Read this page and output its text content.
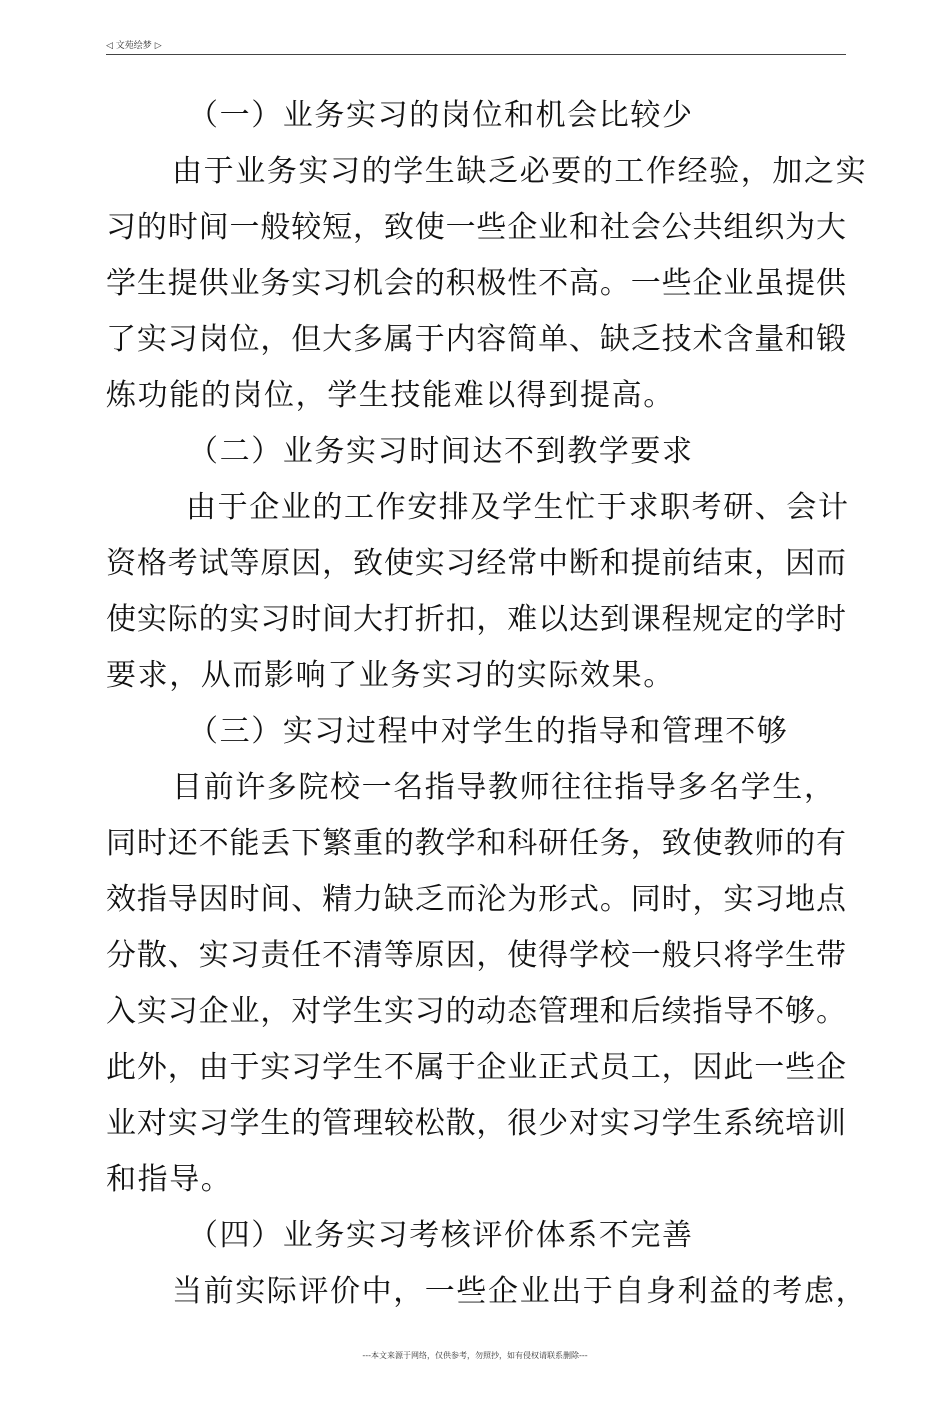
◁ 文苑绘梦 ▷
（一）业务实习的岗位和机会比较少
由于业务实习的学生缺乏必要的工作经验，加之实
习的时间一般较短，致使一些企业和社会公共组织为大
学生提供业务实习机会的积极性不高。一些企业虽提供
了实习岗位，但大多属于内容简单、缺乏技术含量和锻
炼功能的岗位，学生技能难以得到提高。
（二）业务实习时间达不到教学要求
由于企业的工作安排及学生忙于求职考研、会计
资格考试等原因，致使实习经常中断和提前结束，因而
使实际的实习时间大打折扣，难以达到课程规定的学时
要求，从而影响了业务实习的实际效果。
（三）实习过程中对学生的指导和管理不够
目前许多院校一名指导教师往往指导多名学生，
同时还不能丢下繁重的教学和科研任务，致使教师的有
效指导因时间、精力缺乏而沦为形式。同时，实习地点
分散、实习责任不清等原因，使得学校一般只将学生带
入实习企业，对学生实习的动态管理和后续指导不够。
此外，由于实习学生不属于企业正式员工，因此一些企
业对实习学生的管理较松散，很少对实习学生系统培训
和指导。
（四）业务实习考核评价体系不完善
当前实际评价中，一些企业出于自身利益的考虑，
---本文来源于网络，仅供参考，勿照抄，如有侵权请联系删除---
